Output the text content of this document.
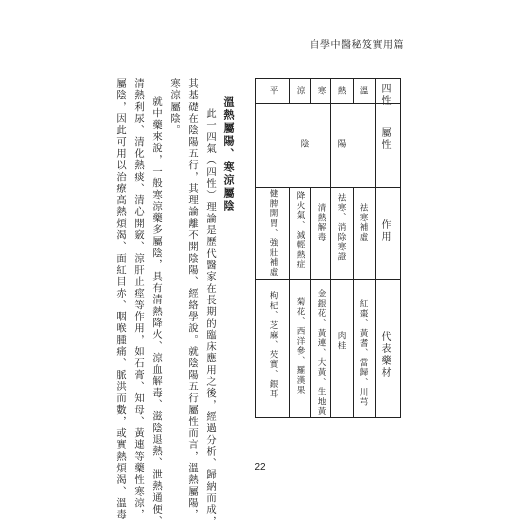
自學中醫秘笈實用篇
四性
屬性
作用
代表藥材
溫
熱
寒
涼
平
陽
陰
祛寒補虛
祛寒、消除寒證
清熱解毒
降火氣、減輕熱症
健脾開胃、強壯補虛
紅棗、黃耆、當歸、川芎
肉桂
金銀花、黃連、大黃、生地黃
菊花、西洋參、羅漢果
枸杞、芝麻、芡實、銀耳
溫熱屬陽、寒涼屬陰
此一四氣（四性）理論是歷代醫家在長期的臨床應用之後，經過分析、歸納而成，
其基礎在陰陽五行，其理論離不開陰陽、經絡學說。就陰陽五行屬性而言，溫熱屬陽，
寒涼屬陰。
就中藥來說，一般寒涼藥多屬陰，具有清熱降火、涼血解毒、滋陰退熱、泄熱通便、
清熱利尿、清化熱痰、清心開竅、涼肝止痙等作用，如石膏、知母、黃連等藥性寒涼，
屬陰，因此可用以治療高熱煩渴、面紅目赤、咽喉腫痛、脈洪而數，或實熱煩渴、溫毒	22
